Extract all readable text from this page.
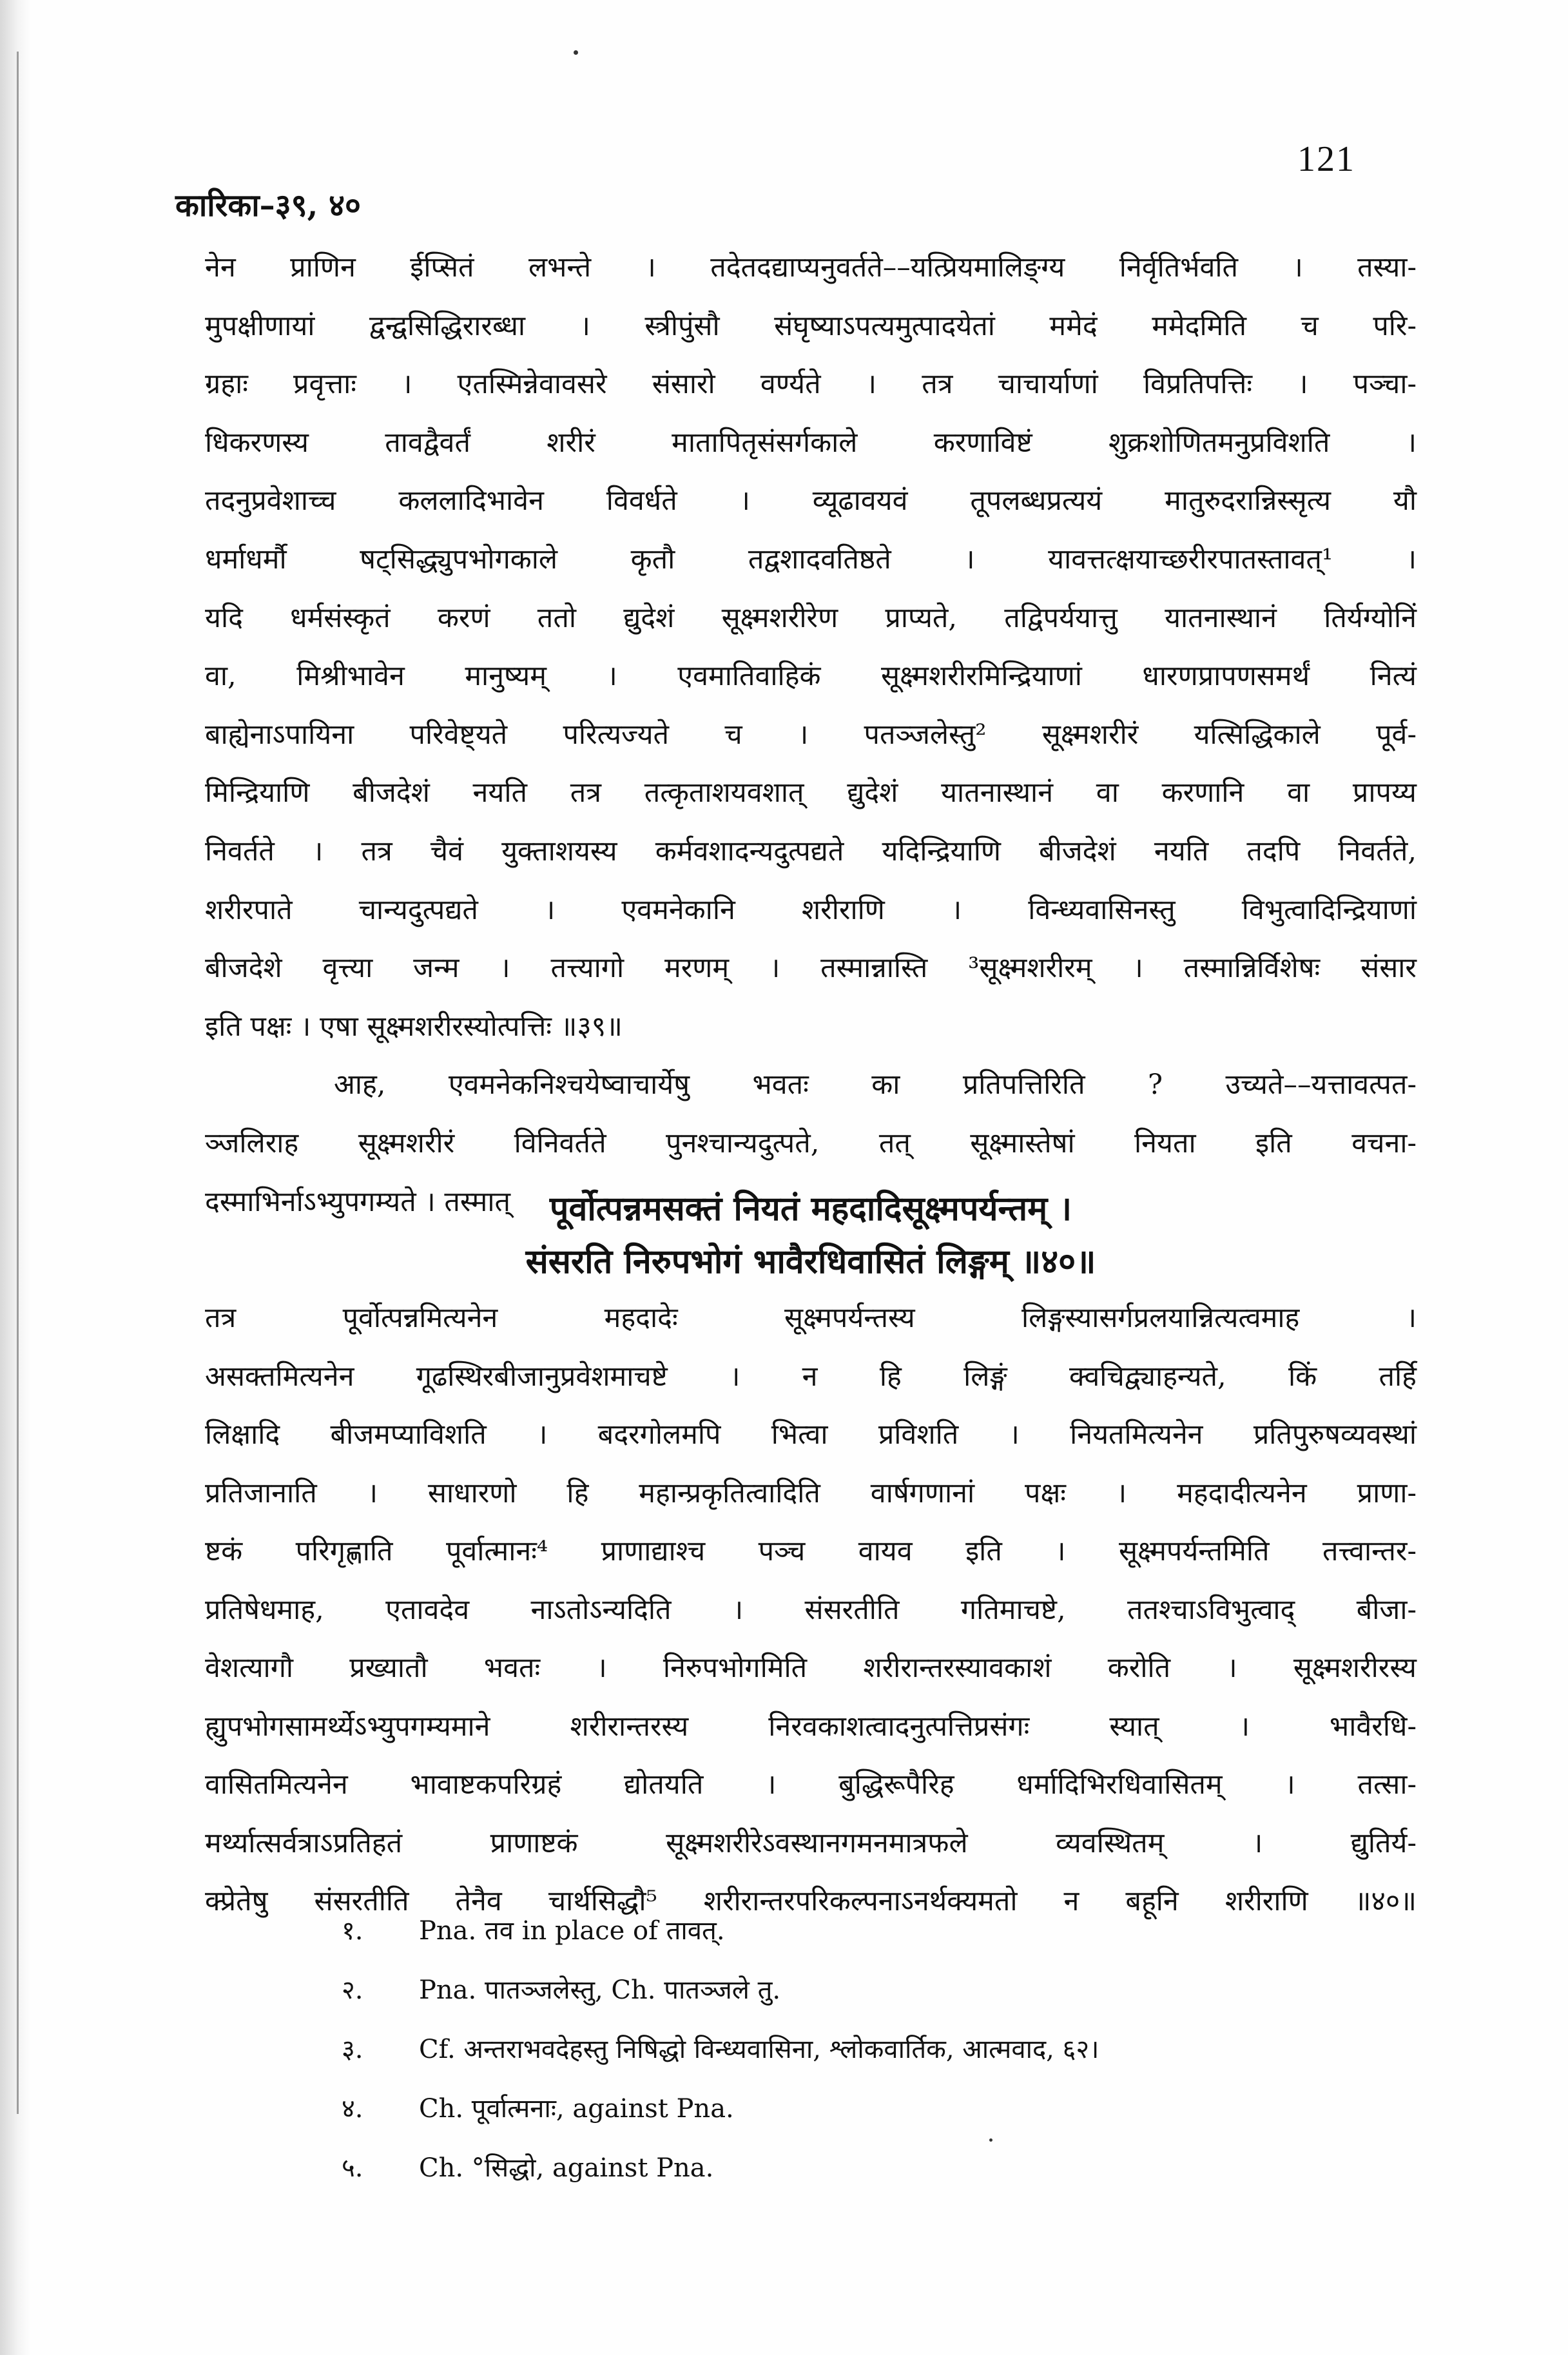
121
कारिका–३९, ४०
नेन प्राणिन ईप्सितं लभन्ते । तदेतदद्याप्यनुवर्तते––यत्प्रियमालिङ्ग्य निर्वृतिर्भवति । तस्या-
मुपक्षीणायां द्वन्द्वसिद्धिरारब्धा । स्त्रीपुंसौ संघृष्याऽपत्यमुत्पादयेतां ममेदं ममेदमिति च परि-
ग्रहाः प्रवृत्ताः । एतस्मिन्नेवावसरे संसारो वर्ण्यते । तत्र चाचार्याणां विप्रतिपत्तिः । पञ्चा-
धिकरणस्य तावद्वैवर्तं शरीरं मातापितृसंसर्गकाले करणाविष्टं शुक्रशोणितमनुप्रविशति ।
तदनुप्रवेशाच्च कललादिभावेन विवर्धते । व्यूढावयवं तूपलब्धप्रत्ययं मातुरुदरान्निस्सृत्य यौ
धर्माधर्मौ षट्सिद्ध्युपभोगकाले कृतौ तद्वशादवतिष्ठते । यावत्तत्क्षयाच्छरीरपातस्तावत्¹ ।
यदि धर्मसंस्कृतं करणं ततो द्युदेशं सूक्ष्मशरीरेण प्राप्यते, तद्विपर्ययात्तु यातनास्थानं तिर्यग्योनिं
वा, मिश्रीभावेन मानुष्यम् । एवमातिवाहिकं सूक्ष्मशरीरमिन्द्रियाणां धारणप्रापणसमर्थं नित्यं
बाह्येनाऽपायिना परिवेष्ट्यते परित्यज्यते च । पतञ्जलेस्तु² सूक्ष्मशरीरं यत्सिद्धिकाले पूर्व-
मिन्द्रियाणि बीजदेशं नयति तत्र तत्कृताशयवशात् द्युदेशं यातनास्थानं वा करणानि वा प्रापय्य
निवर्तते । तत्र चैवं युक्ताशयस्य कर्मवशादन्यदुत्पद्यते यदिन्द्रियाणि बीजदेशं नयति तदपि निवर्तते,
शरीरपाते चान्यदुत्पद्यते । एवमनेकानि शरीराणि । विन्ध्यवासिनस्तु विभुत्वादिन्द्रियाणां
बीजदेशे वृत्त्या जन्म । तत्त्यागो मरणम् । तस्मान्नास्ति ³सूक्ष्मशरीरम् । तस्मान्निर्विशेषः संसार
इति पक्षः । एषा सूक्ष्मशरीरस्योत्पत्तिः ॥३९॥
आह, एवमनेकनिश्चयेष्वाचार्येषु भवतः का प्रतिपत्तिरिति ? उच्यते––यत्तावत्पत-
ञ्जलिराह सूक्ष्मशरीरं विनिवर्तते पुनश्चान्यदुत्पते, तत् सूक्ष्मास्तेषां नियता इति वचना-
दस्माभिर्नाऽभ्युपगम्यते । तस्मात्	पूर्वोत्पन्नमसक्तं नियतं महदादिसूक्ष्मपर्यन्तम् ।
संसरति निरुपभोगं भावैरधिवासितं लिङ्गम् ॥४०॥
तत्र पूर्वोत्पन्नमित्यनेन महदादेः सूक्ष्मपर्यन्तस्य लिङ्गस्यासर्गप्रलयान्नित्यत्वमाह ।
असक्तमित्यनेन गूढस्थिरबीजानुप्रवेशमाचष्टे । न हि लिङ्गं क्वचिद्व्याहन्यते, किं तर्हि
लिक्षादि बीजमप्याविशति । बदरगोलमपि भित्वा प्रविशति । नियतमित्यनेन प्रतिपुरुषव्यवस्थां
प्रतिजानाति । साधारणो हि महान्प्रकृतित्वादिति वार्षगणानां पक्षः । महदादीत्यनेन प्राणा-
ष्टकं परिगृह्णाति पूर्वात्मानः⁴ प्राणाद्याश्च पञ्च वायव इति । सूक्ष्मपर्यन्तमिति तत्त्वान्तर-
प्रतिषेधमाह, एतावदेव नाऽतोऽन्यदिति । संसरतीति गतिमाचष्टे, ततश्चाऽविभुत्वाद् बीजा-
वेशत्यागौ प्रख्यातौ भवतः । निरुपभोगमिति शरीरान्तरस्यावकाशं करोति । सूक्ष्मशरीरस्य
ह्युपभोगसामर्थ्येऽभ्युपगम्यमाने शरीरान्तरस्य निरवकाशत्वादनुत्पत्तिप्रसंगः स्यात् । भावैरधि-
वासितमित्यनेन भावाष्टकपरिग्रहं द्योतयति । बुद्धिरूपैरिह धर्मादिभिरधिवासितम् । तत्सा-
मर्थ्यात्सर्वत्राऽप्रतिहतं प्राणाष्टकं सूक्ष्मशरीरेऽवस्थानगमनमात्रफले व्यवस्थितम् । द्युतिर्य-
क्प्रेतेषु संसरतीति तेनैव चार्थसिद्धौ⁵ शरीरान्तरपरिकल्पनाऽनर्थक्यमतो न बहूनि शरीराणि ॥४०॥
१. Pna. तव in place of तावत्.
२. Pna. पातञ्जलेस्तु, Ch. पातञ्जले तु.
३. Cf. अन्तराभवदेहस्तु निषिद्धो विन्ध्यवासिना, श्लोकवार्तिक, आत्मवाद, ६२।
४. Ch. पूर्वात्मनाः, against Pna.
५. Ch. °सिद्धो, against Pna.
